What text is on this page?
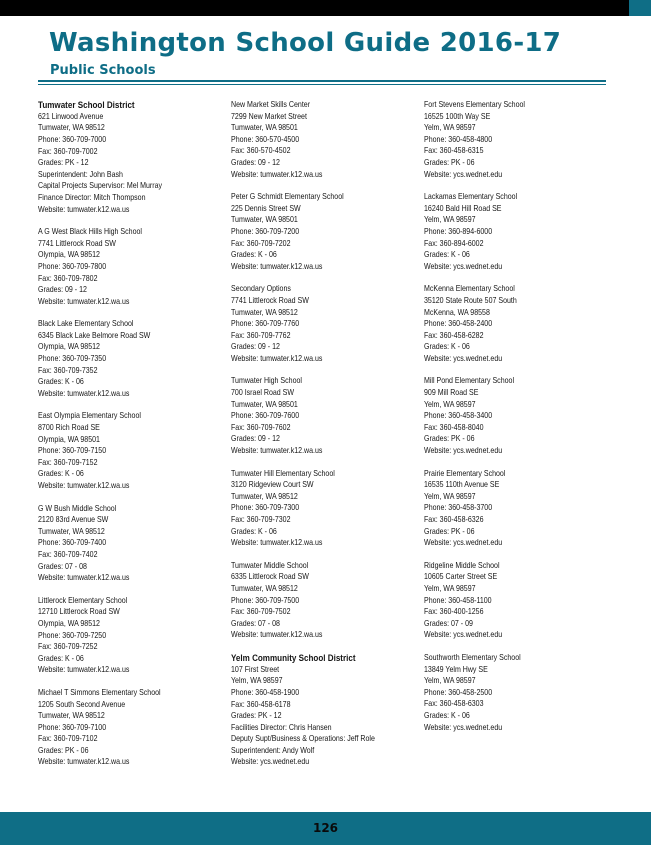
Washington School Guide 2016-17
Public Schools
Tumwater School District
621 Linwood Avenue
Tumwater, WA 98512
Phone: 360-709-7000
Fax: 360-709-7002
Grades: PK - 12
Superintendent: John Bash
Capital Projects Supervisor: Mel Murray
Finance Director: Mitch Thompson
Website: tumwater.k12.wa.us
A G West Black Hills High School
7741 Littlerock Road SW
Olympia, WA 98512
Phone: 360-709-7800
Fax: 360-709-7802
Grades: 09 - 12
Website: tumwater.k12.wa.us
Black Lake Elementary School
6345 Black Lake Belmore Road SW
Olympia, WA 98512
Phone: 360-709-7350
Fax: 360-709-7352
Grades: K - 06
Website: tumwater.k12.wa.us
East Olympia Elementary School
8700 Rich Road SE
Olympia, WA 98501
Phone: 360-709-7150
Fax: 360-709-7152
Grades: K - 06
Website: tumwater.k12.wa.us
G W Bush Middle School
2120 83rd Avenue SW
Tumwater, WA 98512
Phone: 360-709-7400
Fax: 360-709-7402
Grades: 07 - 08
Website: tumwater.k12.wa.us
Littlerock Elementary School
12710 Littlerock Road SW
Olympia, WA 98512
Phone: 360-709-7250
Fax: 360-709-7252
Grades: K - 06
Website: tumwater.k12.wa.us
Michael T Simmons Elementary School
1205 South Second Avenue
Tumwater, WA 98512
Phone: 360-709-7100
Fax: 360-709-7102
Grades: PK - 06
Website: tumwater.k12.wa.us
New Market Skills Center
7299 New Market Street
Tumwater, WA 98501
Phone: 360-570-4500
Fax: 360-570-4502
Grades: 09 - 12
Website: tumwater.k12.wa.us
Peter G Schmidt Elementary School
225 Dennis Street SW
Tumwater, WA 98501
Phone: 360-709-7200
Fax: 360-709-7202
Grades: K - 06
Website: tumwater.k12.wa.us
Secondary Options
7741 Littlerock Road SW
Tumwater, WA 98512
Phone: 360-709-7760
Fax: 360-709-7762
Grades: 09 - 12
Website: tumwater.k12.wa.us
Tumwater High School
700 Israel Road SW
Tumwater, WA 98501
Phone: 360-709-7600
Fax: 360-709-7602
Grades: 09 - 12
Website: tumwater.k12.wa.us
Tumwater Hill Elementary School
3120 Ridgeview Court SW
Tumwater, WA 98512
Phone: 360-709-7300
Fax: 360-709-7302
Grades: K - 06
Website: tumwater.k12.wa.us
Tumwater Middle School
6335 Littlerock Road SW
Tumwater, WA 98512
Phone: 360-709-7500
Fax: 360-709-7502
Grades: 07 - 08
Website: tumwater.k12.wa.us
Yelm Community School District
107 First Street
Yelm, WA 98597
Phone: 360-458-1900
Fax: 360-458-6178
Grades: PK - 12
Facilities Director: Chris Hansen
Deputy Supt/Business & Operations: Jeff Role
Superintendent: Andy Wolf
Website: ycs.wednet.edu
Fort Stevens Elementary School
16525 100th Way SE
Yelm, WA 98597
Phone: 360-458-4800
Fax: 360-458-6315
Grades: PK - 06
Website: ycs.wednet.edu
Lackamas Elementary School
16240 Bald Hill Road SE
Yelm, WA 98597
Phone: 360-894-6000
Fax: 360-894-6002
Grades: K - 06
Website: ycs.wednet.edu
McKenna Elementary School
35120 State Route 507 South
McKenna, WA 98558
Phone: 360-458-2400
Fax: 360-458-6282
Grades: K - 06
Website: ycs.wednet.edu
Mill Pond Elementary School
909 Mill Road SE
Yelm, WA 98597
Phone: 360-458-3400
Fax: 360-458-8040
Grades: PK - 06
Website: ycs.wednet.edu
Prairie Elementary School
16535 110th Avenue SE
Yelm, WA 98597
Phone: 360-458-3700
Fax: 360-458-6326
Grades: PK - 06
Website: ycs.wednet.edu
Ridgeline Middle School
10605 Carter Street SE
Yelm, WA 98597
Phone: 360-458-1100
Fax: 360-400-1256
Grades: 07 - 09
Website: ycs.wednet.edu
Southworth Elementary School
13849 Yelm Hwy SE
Yelm, WA 98597
Phone: 360-458-2500
Fax: 360-458-6303
Grades: K - 06
Website: ycs.wednet.edu
126
